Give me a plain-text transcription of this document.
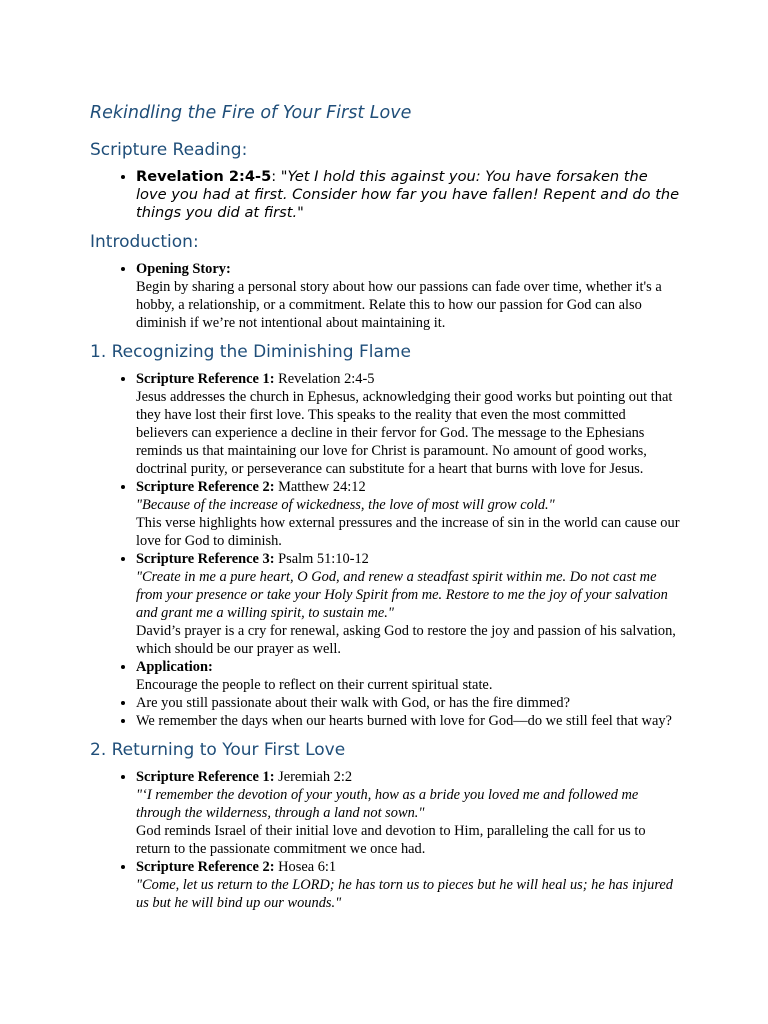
Rekindling the Fire of Your First Love
Scripture Reading:
• Revelation 2:4-5: "Yet I hold this against you: You have forsaken the love you had at first. Consider how far you have fallen! Repent and do the things you did at first."
Introduction:
• Opening Story:
Begin by sharing a personal story about how our passions can fade over time, whether it's a hobby, a relationship, or a commitment. Relate this to how our passion for God can also diminish if we’re not intentional about maintaining it.
1. Recognizing the Diminishing Flame
• Scripture Reference 1: Revelation 2:4-5
Jesus addresses the church in Ephesus, acknowledging their good works but pointing out that they have lost their first love. This speaks to the reality that even the most committed believers can experience a decline in their fervor for God. The message to the Ephesians reminds us that maintaining our love for Christ is paramount. No amount of good works, doctrinal purity, or perseverance can substitute for a heart that burns with love for Jesus.
• Scripture Reference 2: Matthew 24:12
"Because of the increase of wickedness, the love of most will grow cold."
This verse highlights how external pressures and the increase of sin in the world can cause our love for God to diminish.
• Scripture Reference 3: Psalm 51:10-12
"Create in me a pure heart, O God, and renew a steadfast spirit within me. Do not cast me from your presence or take your Holy Spirit from me. Restore to me the joy of your salvation and grant me a willing spirit, to sustain me."
David’s prayer is a cry for renewal, asking God to restore the joy and passion of his salvation, which should be our prayer as well.
• Application:
Encourage the people to reflect on their current spiritual state.
• Are you still passionate about their walk with God, or has the fire dimmed?
• We remember the days when our hearts burned with love for God—do we still feel that way?
2. Returning to Your First Love
• Scripture Reference 1: Jeremiah 2:2
"‘I remember the devotion of your youth, how as a bride you loved me and followed me through the wilderness, through a land not sown."
God reminds Israel of their initial love and devotion to Him, paralleling the call for us to return to the passionate commitment we once had.
• Scripture Reference 2: Hosea 6:1
"Come, let us return to the LORD; he has torn us to pieces but he will heal us; he has injured us but he will bind up our wounds."
